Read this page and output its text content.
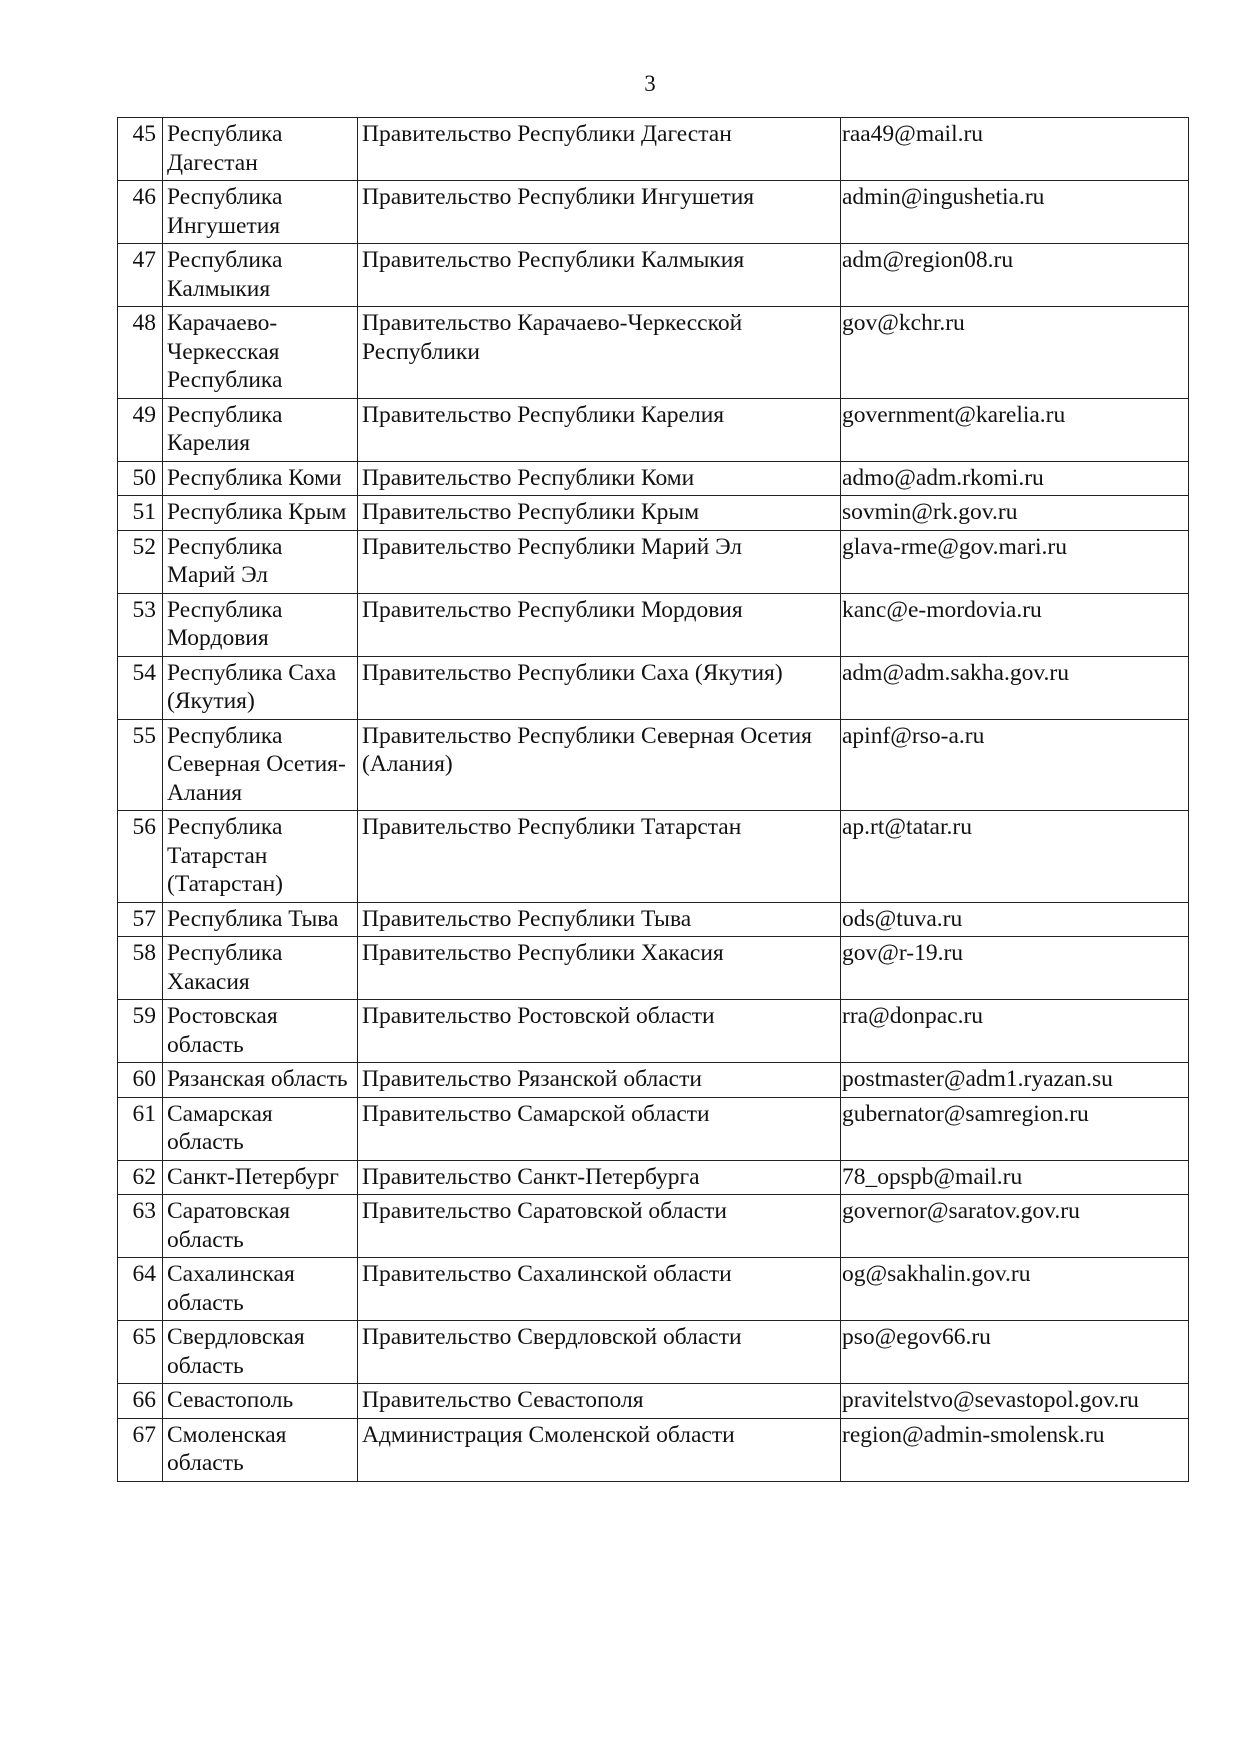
3
45	Республика Дагестан	Правительство Республики Дагестан	raa49@mail.ru
46	Республика Ингушетия	Правительство Республики Ингушетия	admin@ingushetia.ru
47	Республика Калмыкия	Правительство Республики Калмыкия	adm@region08.ru
48	Карачаево-Черкесская Республика	Правительство Карачаево-Черкесской Республики	gov@kchr.ru
49	Республика Карелия	Правительство Республики Карелия	government@karelia.ru
50	Республика Коми	Правительство Республики Коми	admo@adm.rkomi.ru
51	Республика Крым	Правительство Республики Крым	sovmin@rk.gov.ru
52	Республика Марий Эл	Правительство Республики Марий Эл	glava-rme@gov.mari.ru
53	Республика Мордовия	Правительство Республики Мордовия	kanc@e-mordovia.ru
54	Республика Саха (Якутия)	Правительство Республики Саха (Якутия)	adm@adm.sakha.gov.ru
55	Республика Северная Осетия-Алания	Правительство Республики Северная Осетия (Алания)	apinf@rso-a.ru
56	Республика Татарстан (Татарстан)	Правительство Республики Татарстан	ap.rt@tatar.ru
57	Республика Тыва	Правительство Республики Тыва	ods@tuva.ru
58	Республика Хакасия	Правительство Республики Хакасия	gov@r-19.ru
59	Ростовская область	Правительство Ростовской области	rra@donpac.ru
60	Рязанская область	Правительство Рязанской области	postmaster@adm1.ryazan.su
61	Самарская область	Правительство Самарской области	gubernator@samregion.ru
62	Санкт-Петербург	Правительство Санкт-Петербурга	78_opspb@mail.ru
63	Саратовская область	Правительство Саратовской области	governor@saratov.gov.ru
64	Сахалинская область	Правительство Сахалинской области	og@sakhalin.gov.ru
65	Свердловская область	Правительство Свердловской области	pso@egov66.ru
66	Севастополь	Правительство Севастополя	pravitelstvo@sevastopol.gov.ru
67	Смоленская область	Администрация Смоленской области	region@admin-smolensk.ru
